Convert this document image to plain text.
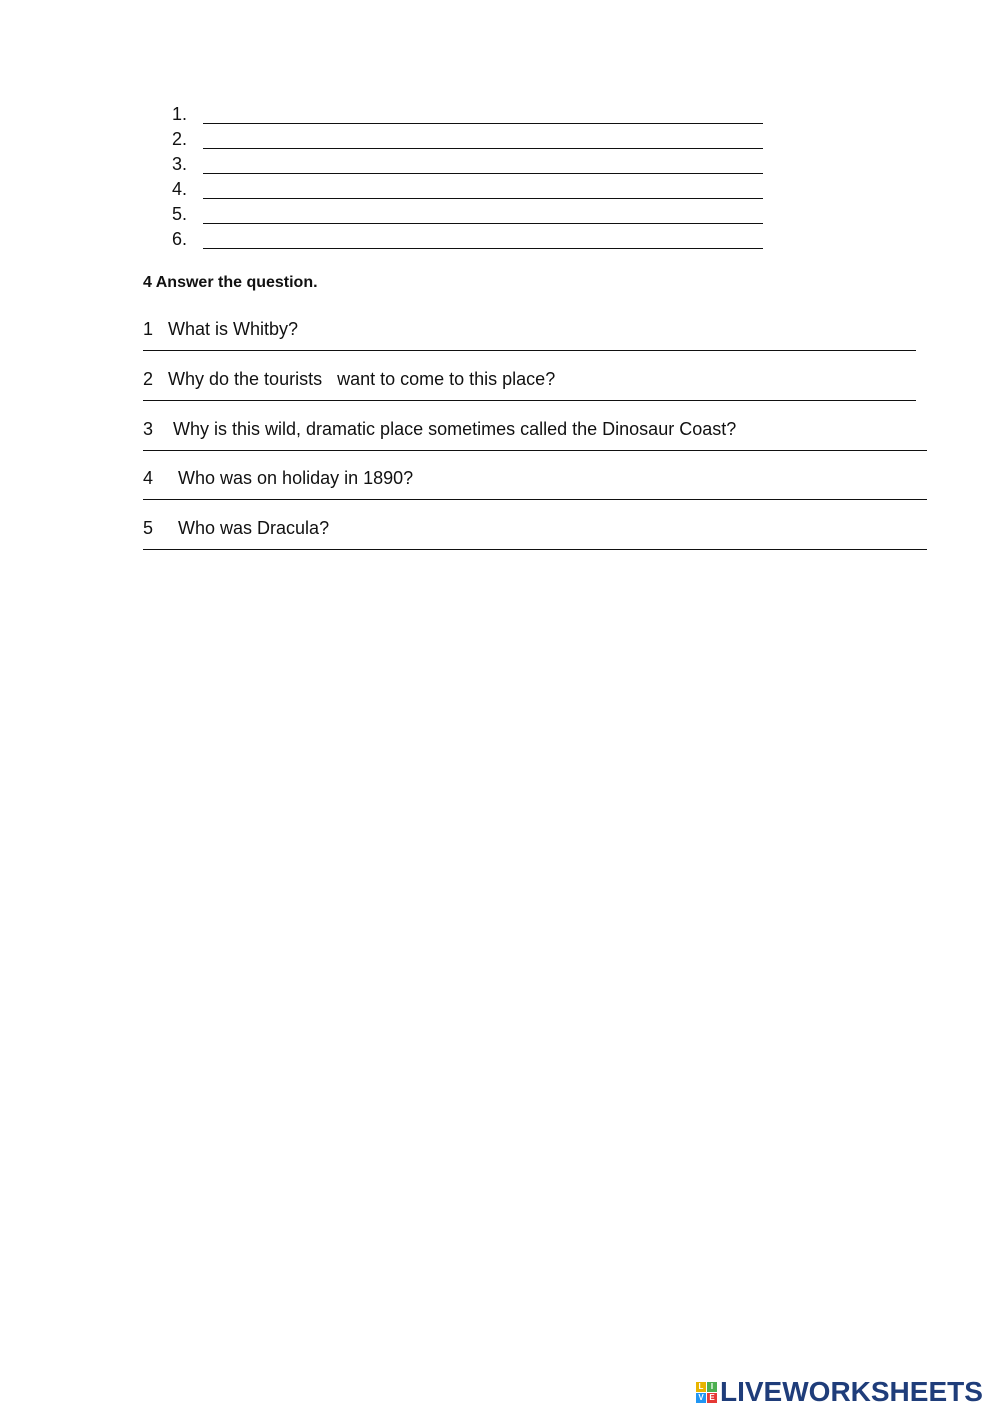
1.
2.
3.
4.
5.
6.
4 Answer the question.
1   What is Whitby?
2   Why do the tourists   want to come to this place?
3    Why is this wild, dramatic place sometimes called the Dinosaur Coast?
4     Who was on holiday in 1890?
5     Who was Dracula?
L I
V E LIVEWORKSHEETS
